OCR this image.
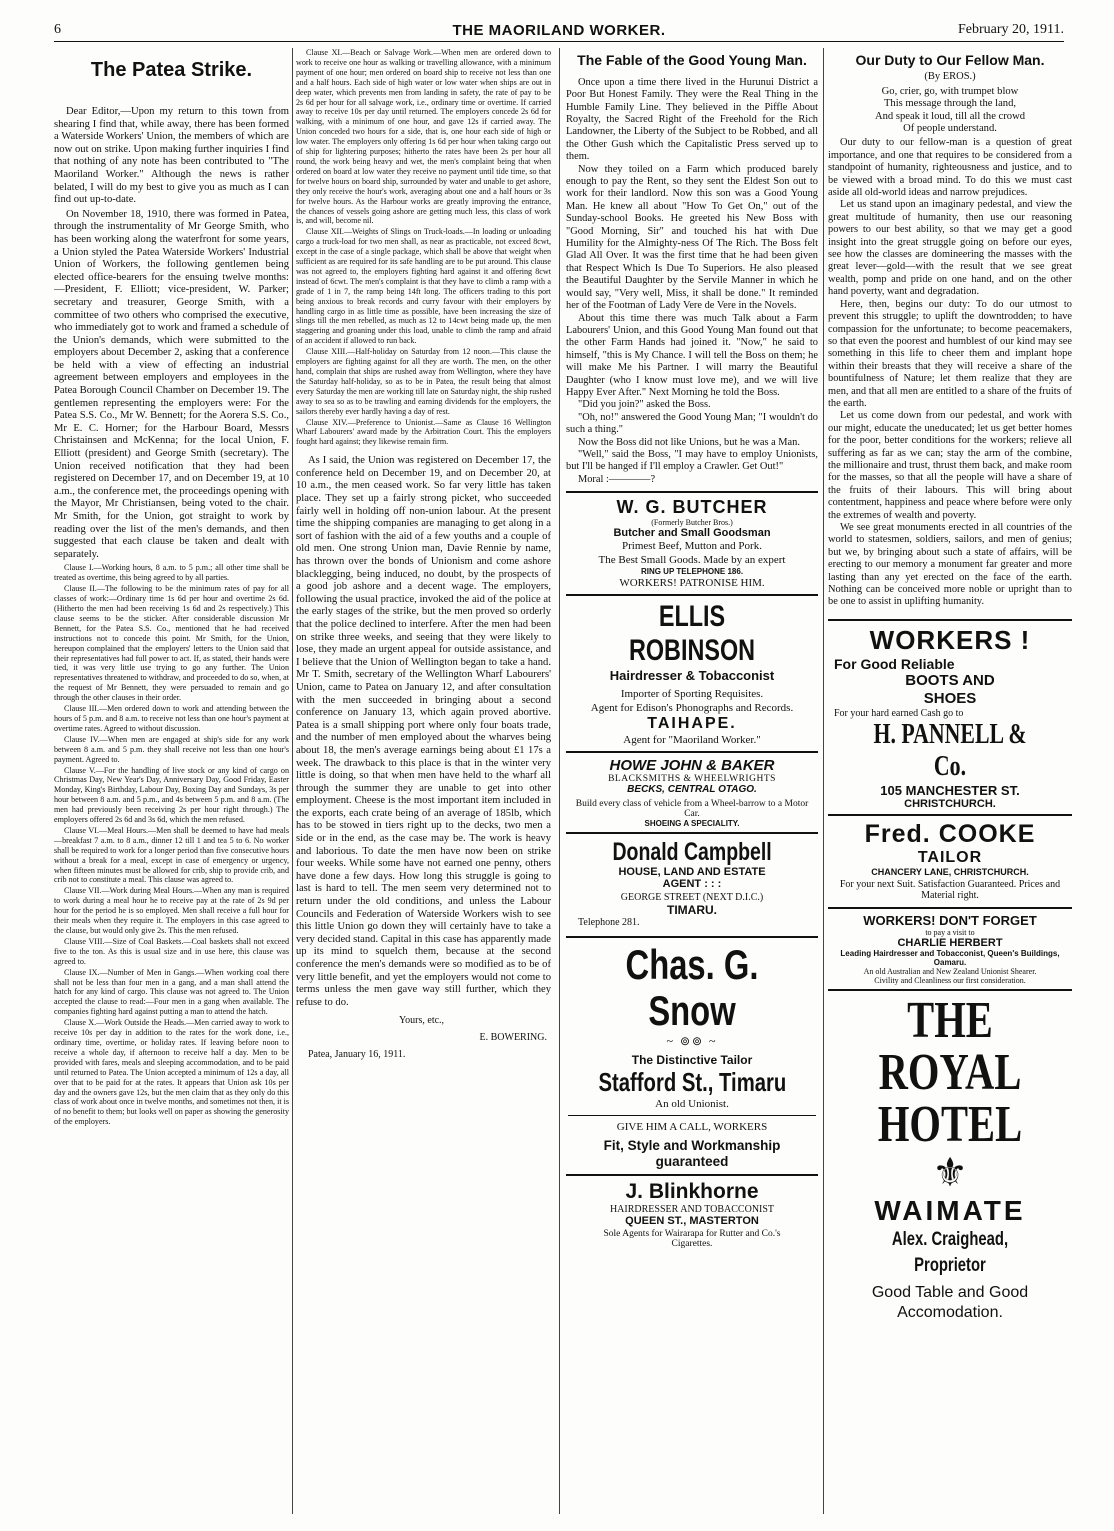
6	THE MAORILAND WORKER.	February 20, 1911.
The Patea Strike.

Dear Editor,—Upon my return to this town from shearing I find that, while away, there has been formed a Waterside Workers' Union, the members of which are now out on strike. Upon making further inquiries I find that nothing of any note has been contributed to "The Maoriland Worker." Although the news is rather belated, I will do my best to give you as much as I can find out up-to-date.

On November 18, 1910, there was formed in Patea, through the instrumentality of Mr George Smith, who has been working along the waterfront for some years, a Union styled the Patea Waterside Workers' Industrial Union of Workers, the following gentlemen being elected office-bearers for the ensuing twelve months:—President, F. Elliott; vice-president, W. Parker; secretary and treasurer, George Smith, with a committee of two others who comprised the executive, who immediately got to work and framed a schedule of the Union's demands, which were submitted to the employers about December 2, asking that a conference be held with a view of effecting an industrial agreement between employers and employees in the Patea Borough Council Chamber on December 19. The gentlemen representing the employers were: For the Patea S.S. Co., Mr W. Bennett; for the Aorera S.S. Co., Mr E. C. Horner; for the Harbour Board, Messrs Christainsen and McKenna; for the local Union, F. Elliott (president) and George Smith (secretary). The Union received notification that they had been registered on December 17, and on December 19, at 10 a.m., the conference met, the proceedings opening with the Mayor, Mr Christiansen, being voted to the chair. Mr Smith, for the Union, got straight to work by reading over the list of the men's demands, and then suggested that each clause be taken and dealt with separately.

Clause I.—Working hours, 8 a.m. to 5 p.m.; all other time shall be treated as overtime, this being agreed to by all parties.

Clause II.—The following to be the minimum rates of pay for all classes of work:—Ordinary time 1s 6d per hour and overtime 2s 6d. (Hitherto the men had been receiving 1s 6d and 2s respectively.) This clause seems to be the sticker. After considerable discussion Mr Bennett, for the Patea S.S. Co., mentioned that he had received instructions not to concede this point. Mr Smith, for the Union, hereupon complained that the employers' letters to the Union said that their representatives had full power to act. If, as stated, their hands were tied, it was very little use trying to go any further. The Union representatives threatened to withdraw, and proceeded to do so, when, at the request of Mr Bennett, they were persuaded to remain and go through the other clauses in their order.

Clause III.—Men ordered down to work and attending between the hours of 5 p.m. and 8 a.m. to receive not less than one hour's payment at overtime rates. Agreed to without discussion.

Clause IV.—When men are engaged at ship's side for any work between 8 a.m. and 5 p.m. they shall receive not less than one hour's payment. Agreed to.

Clause V.—For the handling of live stock or any kind of cargo on Christmas Day, New Year's Day, Anniversary Day, Good Friday, Easter Monday, King's Birthday, Labour Day, Boxing Day and Sundays, 3s per hour between 8 a.m. and 5 p.m., and 4s between 5 p.m. and 8 a.m. (The men had previously been receiving 2s per hour right through.) The employers offered 2s 6d and 3s 6d, which the men refused.

Clause VI.—Meal Hours.—Men shall be deemed to have had meals—breakfast 7 a.m. to 8 a.m., dinner 12 till 1 and tea 5 to 6. No worker shall be required to work for a longer period than five consecutive hours without a break for a meal, except in case of emergency or urgency, when fifteen minutes must be allowed for crib, ship to provide crib, and crib not to constitute a meal. This clause was agreed to.

Clause VII.—Work during Meal Hours.—When any man is required to work during a meal hour he to receive pay at the rate of 2s 9d per hour for the period he is so employed. Men shall receive a full hour for their meals when they require it. The employers in this case agreed to the clause, but would only give 2s. This the men refused.

Clause VIII.—Size of Coal Baskets.—Coal baskets shall not exceed five to the ton. As this is usual size and in use here, this clause was agreed to.

Clause IX.—Number of Men in Gangs.—When working coal there shall not be less than four men in a gang, and a man shall attend the hatch for any kind of cargo. This clause was not agreed to. The Union accepted the clause to read:—Four men in a gang when available. The companies fighting hard against putting a man to attend the hatch.

Clause X.—Work Outside the Heads.—Men carried away to work to receive 10s per day in addition to the rates for the work done, i.e., ordinary time, overtime, or holiday rates. If leaving before noon to receive a whole day, if afternoon to receive half a day. Men to be provided with fares, meals and sleeping accommodation, and to be paid until returned to Patea. The Union accepted a minimum of 12s a day, all over that to be paid for at the rates. It appears that Union ask 10s per day and the owners gave 12s, but the men claim that as they only do this class of work about once in twelve months, and sometimes not then, it is of no benefit to them; but looks well on paper as showing the generosity of the employers.

Clause XI.—Beach or Salvage Work.—When men are ordered down to work to receive one hour as walking or travelling allowance, with a minimum payment of one hour; men ordered on board ship to receive not less than one and a half hours. Each side of high water or low water when ships are out in deep water, which prevents men from landing in safety, the rate of pay to be 2s 6d per hour for all salvage work, i.e., ordinary time or overtime. If carried away to receive 10s per day until returned. The employers concede 2s 6d for walking, with a minimum of one hour, and gave 12s if carried away. The Union conceded two hours for a side, that is, one hour each side of high or low water. The employers only offering 1s 6d per hour when taking cargo out of ship for lightering purposes; hitherto the rates have been 2s per hour all round, the work being heavy and wet, the men's complaint being that when ordered on board at low water they receive no payment until tide time, so that for twelve hours on board ship, surrounded by water and unable to get ashore, they only receive the hour's work, averaging about one and a half hours or 3s for twelve hours. As the Harbour works are greatly improving the entrance, the chances of vessels going ashore are getting much less, this class of work is, and will, become nil.

Clause XII.—Weights of Slings on Truck-loads.—In loading or unloading cargo a truck-load for two men shall, as near as practicable, not exceed 8cwt, except in the case of a single package, which shall be above that weight when sufficient as are required for its safe handling are to be put around. This clause was not agreed to, the employers fighting hard against it and offering 8cwt instead of 6cwt. The men's complaint is that they have to climb a ramp with a grade of 1 in 7, the ramp being 14ft long. The officers trading to this port being anxious to break records and curry favour with their employers by handling cargo in as little time as possible, have been increasing the size of slings till the men rebelled, as much as 12 to 14cwt being made up, the men staggering and groaning under this load, unable to climb the ramp and afraid of an accident if allowed to run back.

Clause XIII.—Half-holiday on Saturday from 12 noon.—This clause the employers are fighting against for all they are worth. The men, on the other hand, complain that ships are rushed away from Wellington, where they have the Saturday half-holiday, so as to be in Patea, the result being that almost every Saturday the men are working till late on Saturday night, the ship rushed away to sea so as to be trawling and earning dividends for the employers, the sailors thereby ever hardly having a day of rest.

Clause XIV.—Preference to Unionist.—Same as Clause 16 Wellington Wharf Labourers' award made by the Arbitration Court. This the employers fought hard against; they likewise remain firm.

As I said, the Union was registered on December 17, the conference held on December 19, and on December 20, at 10 a.m., the men ceased work. So far very little has taken place. They set up a fairly strong picket, who succeeded fairly well in holding off non-union labour. At the present time the shipping companies are managing to get along in a sort of fashion with the aid of a few youths and a couple of old men. One strong Union man, Davie Rennie by name, has thrown over the bonds of Unionism and come ashore blacklegging, being induced, no doubt, by the prospects of a good job ashore and a decent wage. The employers, following the usual practice, invoked the aid of the police at the early stages of the strike, but the men proved so orderly that the police declined to interfere. After the men had been on strike three weeks, and seeing that they were likely to lose, they made an urgent appeal for outside assistance, and I believe that the Union of Wellington began to take a hand. Mr T. Smith, secretary of the Wellington Wharf Labourers' Union, came to Patea on January 12, and after consultation with the men succeeded in bringing about a second conference on January 13, which again proved abortive. Patea is a small shipping port where only four boats trade, and the number of men employed about the wharves being about 18, the men's average earnings being about £1 17s a week. The drawback to this place is that in the winter very little is doing, so that when men have held to the wharf all through the summer they are unable to get into other employment. Cheese is the most important item included in the exports, each crate being of an average of 185lb, which has to be stowed in tiers right up to the decks, two men a side or in the end, as the case may be. The work is heavy and laborious. To date the men have now been on strike four weeks. While some have not earned one penny, others have done a few days. How long this struggle is going to last is hard to tell. The men seem very determined not to return under the old conditions, and unless the Labour Councils and Federation of Waterside Workers wish to see this little Union go down they will certainly have to take a very decided stand. Capital in this case has apparently made up its mind to squelch them, because at the second conference the men's demands were so modified as to be of very little benefit, and yet the employers would not come to terms unless the men gave way still further, which they refuse to do.

Yours, etc.,
E. BOWERING.
Patea, January 16, 1911.
The Fable of the Good Young Man.

Once upon a time there lived in the Hurunui District a Poor But Honest Family. They were the Real Thing in the Humble Family Line. They believed in the Piffle About Royalty, the Sacred Right of the Freehold for the Rich Landowner, the Liberty of the Subject to be Robbed, and all the Other Gush which the Capitalistic Press served up to them.

Now they toiled on a Farm which produced barely enough to pay the Rent, so they sent the Eldest Son out to work for their landlord. Now this son was a Good Young Man. He knew all about "How To Get On," out of the Sunday-school Books. He greeted his New Boss with "Good Morning, Sir" and touched his hat with Due Humility for the Almighty-ness Of The Rich. The Boss felt Glad All Over. It was the first time that he had been given that Respect Which Is Due To Superiors. He also pleased the Beautiful Daughter by the Servile Manner in which he would say, "Very well, Miss, it shall be done." It reminded her of the Footman of Lady Vere de Vere in the Novels.

About this time there was much Talk about a Farm Labourers' Union, and this Good Young Man found out that the other Farm Hands had joined it. "Now," he said to himself, "this is My Chance. I will tell the Boss on them; he will make Me his Partner. I will marry the Beautiful Daughter (who I know must love me), and we will live Happy Ever After." Next Morning he told the Boss.

"Did you join?" asked the Boss.

"Oh, no!" answered the Good Young Man; "I wouldn't do such a thing."

Now the Boss did not like Unions, but he was a Man.

"Well," said the Boss, "I may have to employ Unionists, but I'll be hanged if I'll employ a Crawler. Get Out!"

Moral :————?
W. G. BUTCHER
(Formerly Butcher Bros.)
Butcher and Small Goodsman
Primest Beef, Mutton and Pork.
The Best Small Goods. Made by an expert
RING UP TELEPHONE 186.
WORKERS! PATRONISE HIM.
ELLIS ROBINSON
Hairdresser & Tobacconist
Importer of Sporting Requisites.
Agent for Edison's Phonographs and Records.
TAIHAPE.
Agent for "Maoriland Worker."
HOWE JOHN & BAKER
BLACKSMITHS & WHEELWRIGHTS
BECKS, CENTRAL OTAGO.
Build every class of vehicle from a Wheel-barrow to a Motor Car.
SHOEING A SPECIALITY.
Donald Campbell
HOUSE, LAND AND ESTATE AGENT : : :
GEORGE STREET (NEXT D.I.C.)
TIMARU.
Telephone 281.
Chas. G. Snow
~ ⊚⊚ ~
The Distinctive Tailor
Stafford St., Timaru
An old Unionist.
GIVE HIM A CALL, WORKERS
Fit, Style and Workmanship guaranteed
J. Blinkhorne
HAIRDRESSER AND TOBACCONIST
QUEEN ST., MASTERTON
Sole Agents for Wairarapa for Rutter and Co.'s Cigarettes.
Our Duty to Our Fellow Man.
(By EROS.)
Go, crier, go, with trumpet blow
This message through the land,
And speak it loud, till all the crowd
Of people understand.

Our duty to our fellow-man is a question of great importance, and one that requires to be considered from a standpoint of humanity, righteousness and justice, and to be viewed with a broad mind. To do this we must cast aside all old-world ideas and narrow prejudices.

Let us stand upon an imaginary pedestal, and view the great multitude of humanity, then use our reasoning powers to our best ability, so that we may get a good insight into the great struggle going on before our eyes, see how the classes are domineering the masses with the great lever—gold—with the result that we see great wealth, pomp and pride on one hand, and on the other hand poverty, want and degradation.

Here, then, begins our duty: To do our utmost to prevent this struggle; to uplift the downtrodden; to have compassion for the unfortunate; to become peacemakers, so that even the poorest and humblest of our kind may see something in this life to cheer them and implant hope within their breasts that they will receive a share of the bountifulness of Nature; let them realize that they are men, and that all men are entitled to a share of the fruits of the earth.

Let us come down from our pedestal, and work with our might, educate the uneducated; let us get better homes for the poor, better conditions for the workers; relieve all suffering as far as we can; stay the arm of the combine, the millionaire and trust, thrust them back, and make room for the masses, so that all the people will have a share of the fruits of their labours. This will bring about contentment, happiness and peace where before were only the extremes of wealth and poverty.

We see great monuments erected in all countries of the world to statesmen, soldiers, sailors, and men of genius; but we, by bringing about such a state of affairs, will be erecting to our memory a monument far greater and more lasting than any yet erected on the face of the earth. Nothing can be conceived more noble or upright than to be one to assist in uplifting humanity.

WORKERS !
For Good Reliable
BOOTS AND SHOES
For your hard earned Cash go to
H. PANNELL & Co.
105 MANCHESTER ST.
CHRISTCHURCH.
Fred. COOKE
TAILOR
CHANCERY LANE, CHRISTCHURCH.
For your next Suit. Satisfaction Guaranteed. Prices and Material right.
WORKERS! DON'T FORGET
to pay a visit to
CHARLIE HERBERT
Leading Hairdresser and Tobacconist, Queen's Buildings, Oamaru.
An old Australian and New Zealand Unionist Shearer.
Civility and Cleanliness our first consideration.
THE ROYAL HOTEL
⚜
WAIMATE
Alex. Craighead, Proprietor
Good Table and Good Accomodation.
